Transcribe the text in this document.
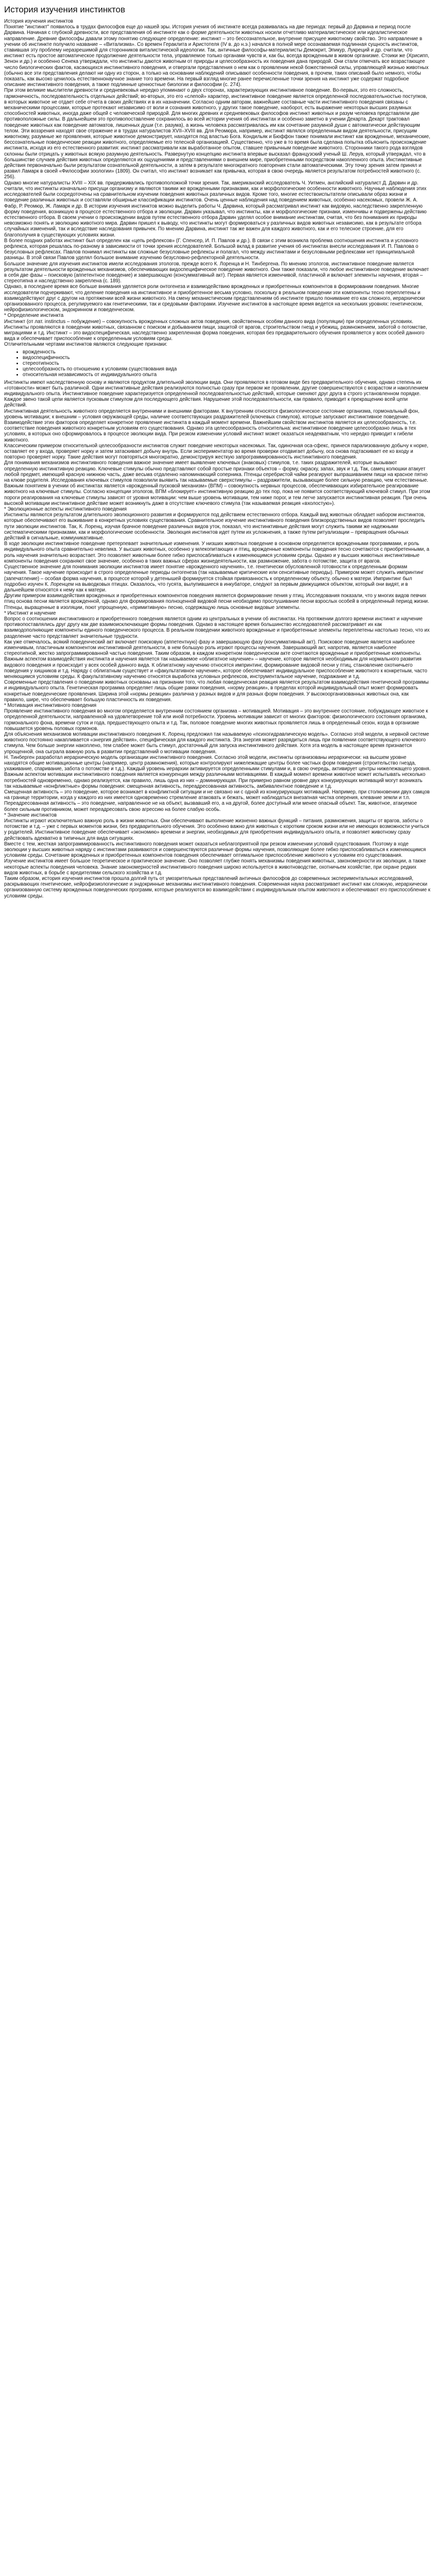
История изучения инстинктов

История изучения инстинктов

Понятие "инстинкт" появилось в трудах философов еще до нашей эры. История учения об инстинкте всегда развивалась на две периода: первый до Дарвина и период после Дарвина. Начиная с глубокой древности, все представления об инстинкте как о форме деятельности животных носили отчетливо материалистическое или идеалистическое направление. Древние философы давали этому понятию следующее определение: инстинкт – это бессознательное, внутренне присущее животному свойство. Это направление в учении об инстинкте получило название – «Витализма». Со времен Гераклита и Аристотеля (IV в. до н.э.) начался в полной мере осознаваемая подлинная сущность инстинктов, ставившая эту проблему неразрешимой для сторонников виталистической идеологии. Так, античные философы-материалисты Демокрит, Эпикур, Лукреций и др. считали, что инстинкт есть простое автоматическое продолжение деятельности тела, управляемое только органами чувств и, как бы, всегда врожденным в живом организме. Стоики же (Хрисипп, Зенон и др.) и особенно Сенека утверждали, что инстинкты даются животным от природы и целесообразность их поведения дана природой. Они стали отмечать все возрастающее число биологических фактов, касающихся инстинктивного поведения, и отвергали представления о нем как о проявлении некой божественной силы, управляющей жизнью животных (обычно все эти представления делают ни одну из сторон, а только на основании наблюдений описывают особенности поведения, в прочем, таких описаний было немного, чтобы показать, как высоко ценилось естественнонаучное знание того времени. На первый взгляд многие ранее перечисленные точки зрения на инстинкт уже содержат подробное описание инстинктивного поведения, а также подлинные ценностные биологии и философии (с. 274).

При этом великие мыслители древности и средневековья нередко упоминают о двух сторонах, характеризующих инстинктивное поведение. Во-первых, это его сложность, гармоничность, последовательность отдельных действий; во-вторых, это его «слепой» характер, инстинктивное поведение является определенной последовательностью поступков, в которых животное не отдает себе отчета в своих действиях и в их назначении. Согласно одним авторам, важнейшие составные части инстинктивного поведения связаны с механическими процессами, которые протекают независимо от воли и сознания животного, у других такое поведение, наоборот, есть выражение некоторых высших разумных способностей животных, иногда даже общей с человеческой природой. Для многих древних и средневековых философов инстинкт животных и разум человека представляли две противоположные силы. В дальнейшем это противопоставление сохранилось во всей истории учения об инстинктах и особенно заметно в учении Декарта. Декарт трактовал поведение животных как поведение автоматов, лишенных души (т.е. разума), а жизнь человека рассматривалась им как сочетание разумной души с автоматически действующим телом. Эти воззрения находят свое отражение и в трудах натуралистов XVII–XVIII вв. Для Реомюра, например, инстинкт являлся определенным видом деятельности, присущим животному, разумные же проявления, которые животное демонстрирует, находятся под властью Бога. Кондильяк и Бюффон также понимали инстинкт как врожденные, механические, бессознательные поведенческие реакции животного, определяемые его телесной организацией. Существенно, что уже в то время была сделана попытка объяснить происхождение инстинкта, исходя из его естественного развития: инстинкт рассматривали как выработанное опытом, ставшее привычным поведение животного. Сторонники такого рода взглядов склонны были отрицать у животных всякую разумную деятельность. Развернутую концепцию инстинкта впервые высказал французский ученый Ш. Леруа, который утверждал, что в большинстве случаев действия животных определяются их ощущениями и представлениями о внешнем мире, приобретенными посредством накопленного опыта. Инстинктивные действия первоначально были результатом сознательной деятельности, а затем в результате многократного повторения стали автоматическими. Эту точку зрения затем принял и развил Ламарк в своей «Философии зоологии» (1809). Он считал, что инстинкт возникает как привычка, которая в свою очередь является результатом потребностей животного (с. 256).

Однако многие натуралисты XVIII – XIX вв. придерживались противоположной точки зрения. Так, американский исследователь Ч. Уитмен, английский натуралист Д. Дарвин и др. считали, что инстинкты изначально присущи организму и являются такими же врожденными признаками, как и морфологические особенности животного. Научные наблюдения этих исследователей были сосредоточены на сравнительном изучении поведения животных различных видов. Кроме того, многие естествоиспытатели описывали образ жизни и поведение различных животных и составляли обширные классификации инстинктов. Очень ценные наблюдения над поведением животных, особенно насекомых, провели Ж. А. Фабр, Р. Реомюр, Ж. Ламарк и др. В истории изучения инстинктов можно выделить работы Ч. Дарвина, который рассматривал инстинкт как видовую, наследственно закрепленную форму поведения, возникшую в процессе естественного отбора и эволюции. Дарвин указывал, что инстинкты, как и морфологические признаки, изменчивы и подвержены действию естественного отбора. В своем учении о происхождении видов путем естественного отбора Дарвин уделял особое внимание инстинктам, считая, что без понимания их природы невозможно понять и эволюцию животного мира. Дарвин пришел к выводу, что инстинкты могут формироваться у различных видов животных независимо, как в результате отбора случайных изменений, так и вследствие наследования привычек. По мнению Дарвина, инстинкт так же важен для каждого животного, как и его телесное строение, для его благополучия в существующих условиях жизни.

В более поздних работах инстинкт был определен как «цепь рефлексов» (Г. Спенсер, И. П. Павлов и др.). В связи с этим возникла проблема соотношения инстинкта и условного рефлекса, которая решалась по-разному в зависимости от точки зрения исследователей. Большой вклад в развитие учения об инстинктах внесли исследования И. П. Павлова о безусловных рефлексах. Павлов понимал инстинкты как сложные безусловные рефлексы и полагал, что между инстинктами и безусловными рефлексами нет принципиальной разницы. В этой связи Павлов уделял большое внимание изучению безусловно-рефлекторной деятельности.

Большое значение для изучения инстинктов имели исследования этологов, прежде всего К. Лоренца и Н. Тинбергена. По мнению этологов, инстинктивное поведение является результатом деятельности врожденных механизмов, обеспечивающих видоспецифическое поведение животного. Они также показали, что любое инстинктивное поведение включает в себя две фазы – поисковую (аппетентное поведение) и завершающую (консуммативный акт). Первая является изменчивой, пластичной и включает элементы научения, вторая – стереотипна и наследственно закреплена (с. 189).

Однако, в последнее время все больше внимания уделяется роли онтогенеза и взаимодействию врожденных и приобретенных компонентов в формировании поведения. Многие исследователи подчеркивают, что деление поведения на инстинктивное и приобретенное весьма условно, поскольку в реальном поведении эти компоненты тесно переплетены и взаимодействуют друг с другом на протяжении всей жизни животного. На смену механистическим представлениям об инстинкте пришло понимание его как сложного, иерархически организованного процесса, регулируемого как генетическими, так и средовыми факторами. Изучение инстинктов в настоящее время ведется на нескольких уровнях: генетическом, нейрофизиологическом, эндокринном и поведенческом.

* Определение инстинкта

Инстинкт (от лат. instinctus – побуждение) – совокупность врожденных сложных актов поведения, свойственных особям данного вида (популяции) при определенных условиях. Инстинкты проявляются в поведении животных, связанном с поиском и добыванием пищи, защитой от врагов, строительством гнезд и убежищ, размножением, заботой о потомстве, миграциями и т.д. Инстинкт – это видоспецифическая, наследственно закрепленная форма поведения, которая без предварительного обучения проявляется у всех особей данного вида и обеспечивает приспособление к определенным условиям среды.

Отличительными чертами инстинктов являются следующие признаки:

• врожденность
• видоспецифичность
• стереотипность
• целесообразность по отношению к условиям существования вида
• относительная независимость от индивидуального опыта

Инстинкты имеют наследственную основу и являются продуктом длительной эволюции вида. Они проявляются в готовом виде без предварительного обучения, однако степень их «готовности» может быть различной. Одни инстинктивные действия реализуются полностью сразу при первом же проявлении, другие совершенствуются с возрастом и накоплением индивидуального опыта. Инстинктивное поведение характеризуется определенной последовательностью действий, которые сменяют друг друга в строго установленном порядке. Каждое звено такой цепи является пусковым стимулом для последующего действия. Нарушение этой последовательности, как правило, приводит к прекращению всей цепи действий.

Инстинктивная деятельность животного определяется внутренними и внешними факторами. К внутренним относятся физиологическое состояние организма, гормональный фон, уровень мотивации; к внешним – условия окружающей среды, наличие соответствующих раздражителей (ключевых стимулов), которые запускают инстинктивное поведение. Взаимодействие этих факторов определяет конкретное проявление инстинкта в каждый момент времени. Важнейшим свойством инстинктов является их целесообразность, т.е. соответствие поведения животного конкретным условиям его существования. Однако эта целесообразность относительна: инстинктивное поведение целесообразно лишь в тех условиях, в которых оно сформировалось в процессе эволюции вида. При резком изменении условий инстинкт может оказаться неадекватным, что нередко приводит к гибели животного.

Классическим примером относительной целесообразности инстинктов служит поведение некоторых насекомых. Так, одиночная оса-сфекс, принеся парализованную добычу к норке, оставляет ее у входа, проверяет норку и затем затаскивает добычу внутрь. Если экспериментатор во время проверки отодвигает добычу, оса снова подтаскивает ее ко входу и повторно проверяет норку. Такие действия могут повторяться многократно, демонстрируя жесткую запрограммированность инстинктивного поведения.

Для понимания механизмов инстинктивного поведения важное значение имеет выявление ключевых (знаковых) стимулов, т.е. таких раздражителей, которые вызывают определенную инстинктивную реакцию. Ключевые стимулы обычно представляют собой простые признаки объектов – форму, окраску, запах, звук и т.д. Так, самец колюшки атакует любой предмет, имеющий красную нижнюю часть, даже весьма отдаленно напоминающий соперника. Птенцы серебристой чайки реагируют выпрашиванием пищи на красное пятно на клюве родителя. Исследования ключевых стимулов позволили выявить так называемые сверхстимулы – раздражители, вызывающие более сильную реакцию, чем естественные.

Важным понятием в учении об инстинктах является «врожденный пусковой механизм» (ВПМ) – совокупность нервных процессов, обеспечивающих избирательное реагирование животного на ключевые стимулы. Согласно концепции этологов, ВПМ «блокирует» инстинктивную реакцию до тех пор, пока не появится соответствующий ключевой стимул. При этом пороги реагирования на ключевые стимулы зависят от уровня мотивации: чем выше уровень мотивации, тем ниже порог, и тем легче запускается инстинктивная реакция. При очень высокой мотивации инстинктивное действие может возникнуть даже в отсутствие ключевого стимула (так называемая реакция «вхолостую»).

* Эволюционные аспекты инстинктивного поведения

Инстинкты являются результатом длительного эволюционного развития и формируются под действием естественного отбора. Каждый вид животных обладает набором инстинктов, которые обеспечивают его выживание в конкретных условиях существования. Сравнительное изучение инстинктивного поведения близкородственных видов позволяет проследить пути эволюции инстинктов. Так, К. Лоренц, изучая брачное поведение различных видов уток, показал, что инстинктивные действия могут служить такими же надежными систематическими признаками, как и морфологические особенности. Эволюция инстинктов идет путем их усложнения, а также путем ритуализации – превращения обычных действий в сигнальные, коммуникативные.

В ходе эволюции инстинктивное поведение претерпевает значительные изменения. У низших животных поведение в основном определяется врожденными программами, и роль индивидуального опыта сравнительно невелика. У высших животных, особенно у млекопитающих и птиц, врожденные компоненты поведения тесно сочетаются с приобретенными, а роль научения значительно возрастает. Это позволяет животным более гибко приспосабливаться к изменяющимся условиям среды. Однако и у высших животных инстинктивные компоненты поведения сохраняют свое значение, особенно в таких важных сферах жизнедеятельности, как размножение, забота о потомстве, защита от врагов.

Существенное значение для понимания эволюции инстинктов имеет понятие «врожденного научения», т.е. генетически обусловленной готовности к определенным формам научения. Такое научение происходит в строго определенные периоды онтогенеза (так называемые критические или сенситивные периоды). Примером может служить импринтинг (запечатление) – особая форма научения, в процессе которой у детенышей формируется стойкая привязанность к определенному объекту, обычно к матери. Импринтинг был подробно изучен К. Лоренцем на выводковых птицах. Оказалось, что гусята, вылупившиеся в инкубаторе, следуют за первым движущимся объектом, который они видят, и в дальнейшем относятся к нему как к матери.

Другим примером взаимодействия врожденных и приобретенных компонентов поведения является формирование пения у птиц. Исследования показали, что у многих видов певчих птиц основа песни является врожденной, однако для формирования полноценной видовой песни необходимо прослушивание песни взрослых особей в определенный период жизни. Птенцы, выращенные в изоляции, поют упрощенную, «примитивную» песню, содержащую лишь основные видовые элементы.

* Инстинкт и научение

Вопрос о соотношении инстинктивного и приобретенного поведения является одним из центральных в учении об инстинктах. На протяжении долгого времени инстинкт и научение противопоставлялись друг другу как две взаимоисключающие формы поведения. Однако в настоящее время большинство исследователей рассматривает их как взаимодополняющие компоненты единого поведенческого процесса. В реальном поведении животного врожденные и приобретенные элементы переплетены настолько тесно, что их разделение часто представляет значительные трудности.

Как уже отмечалось, всякий поведенческий акт включает поисковую (аппетентную) фазу и завершающую фазу (консуммативный акт). Поисковое поведение является наиболее изменчивым, пластичным компонентом инстинктивной деятельности, в нем большую роль играют процессы научения. Завершающий акт, напротив, является наиболее стереотипной, жестко запрограммированной частью поведения. Таким образом, в каждом конкретном поведенческом акте сочетаются врожденные и приобретенные компоненты.

Важным аспектом взаимодействия инстинкта и научения является так называемое «облигатное научение» – научение, которое является необходимым для нормального развития видового поведения и происходит у всех особей данного вида. К облигатному научению относятся импринтинг, формирование видовой песни у птиц, становление охотничьего поведения у хищников и т.д. Наряду с облигатным существует и «факультативное научение», которое обеспечивает индивидуальное приспособление животного к конкретным, часто меняющимся условиям среды. К факультативному научению относятся выработка условных рефлексов, инструментальное научение, подражание и т.д.

Современные представления о поведении животных основаны на признании того, что любая поведенческая реакция является результатом взаимодействия генетической программы и индивидуального опыта. Генетическая программа определяет лишь общие рамки поведения, «норму реакции», в пределах которой индивидуальный опыт может формировать конкретные поведенческие проявления. Ширина этой «нормы реакции» различна у разных видов и для разных форм поведения. У высокоорганизованных животных она, как правило, шире, что обеспечивает большую пластичность их поведения.

* Мотивация инстинктивного поведения

Проявление инстинктивного поведения во многом определяется внутренним состоянием организма – мотивацией. Мотивация – это внутреннее состояние, побуждающее животное к определенной деятельности, направленной на удовлетворение той или иной потребности. Уровень мотивации зависит от многих факторов: физиологического состояния организма, гормонального фона, времени суток и года, предшествующего опыта и т.д. Так, половое поведение многих животных проявляется лишь в определенный сезон, когда в организме повышается уровень половых гормонов.

Для объяснения механизмов мотивации инстинктивного поведения К. Лоренц предложил так называемую «психогидравлическую модель». Согласно этой модели, в нервной системе животного постоянно накапливается «энергия действия», специфическая для каждого инстинкта. Эта энергия может разрядиться лишь при появлении соответствующего ключевого стимула. Чем больше энергии накоплено, тем слабее может быть стимул, достаточный для запуска инстинктивного действия. Хотя эта модель в настоящее время признается упрощенной, она сыграла важную роль в развитии представлений о мотивации поведения.

Н. Тинберген разработал иерархическую модель организации инстинктивного поведения. Согласно этой модели, инстинкты организованы иерархически: на высшем уровне находятся общие мотивационные центры (например, центр размножения), которые контролируют нижележащие центры более частных форм поведения (строительство гнезда, ухаживание, спаривание, забота о потомстве и т.д.). Каждый уровень иерархии активируется определенными стимулами и, в свою очередь, активирует центры нижележащего уровня.

Важным аспектом мотивации инстинктивного поведения является конкуренция между различными мотивациями. В каждый момент времени животное может испытывать несколько потребностей одновременно, однако реализуется, как правило, лишь одна из них – доминирующая. При примерно равном уровне двух конкурирующих мотиваций могут возникать так называемые «конфликтные» формы поведения: смещенная активность, переадресованная активность, амбивалентное поведение и т.д.

Смещенная активность – это поведение, которое возникает в конфликтной ситуации и не связано ни с одной из конкурирующих мотиваций. Например, при столкновении двух самцов на границе территории, когда у каждого из них имеется одновременно стремление атаковать и бежать, может наблюдаться внезапная чистка оперения, клевание земли и т.п. Переадресованная активность – это поведение, направленное не на объект, вызвавший его, а на другой, более доступный или менее опасный объект. Так, животное, атакуемое более сильным противником, может переадресовать свою агрессию на более слабую особь.

* Значение инстинктов

Инстинкты играют исключительно важную роль в жизни животных. Они обеспечивают выполнение жизненно важных функций – питания, размножения, защиты от врагов, заботы о потомстве и т.д. – уже с первых моментов жизни, без предварительного обучения. Это особенно важно для животных с коротким сроком жизни или не имеющих возможности учиться у родителей. Инстинктивное поведение обеспечивает «экономию» времени и энергии, необходимых для приобретения индивидуального опыта, и позволяет животному сразу действовать адекватно в типичных для вида ситуациях.

Вместе с тем, жесткая запрограммированность инстинктивного поведения может оказаться неблагоприятной при резком изменении условий существования. Поэтому в ходе эволюции у высших животных наряду с инстинктами развиваются и совершенствуются различные формы научения, позволяющие более гибко приспосабливаться к изменяющимся условиям среды. Сочетание врожденных и приобретенных компонентов поведения обеспечивает оптимальное приспособление животного к условиям его существования.

Изучение инстинктов имеет большое теоретическое и практическое значение. Оно позволяет глубже понять механизмы поведения животных, закономерности их эволюции, а также некоторые аспекты поведения человека. Знание закономерностей инстинктивного поведения широко используется в животноводстве, охотничьем хозяйстве, при охране редких видов животных, в борьбе с вредителями сельского хозяйства и т.д.

Таким образом, история изучения инстинктов прошла долгий путь от умозрительных представлений античных философов до современных экспериментальных исследований, раскрывающих генетические, нейрофизиологические и эндокринные механизмы инстинктивного поведения. Современная наука рассматривает инстинкт как сложную, иерархически организованную систему врожденных поведенческих программ, которые реализуются во взаимодействии с индивидуальным опытом животного и обеспечивают его приспособление к условиям среды.
